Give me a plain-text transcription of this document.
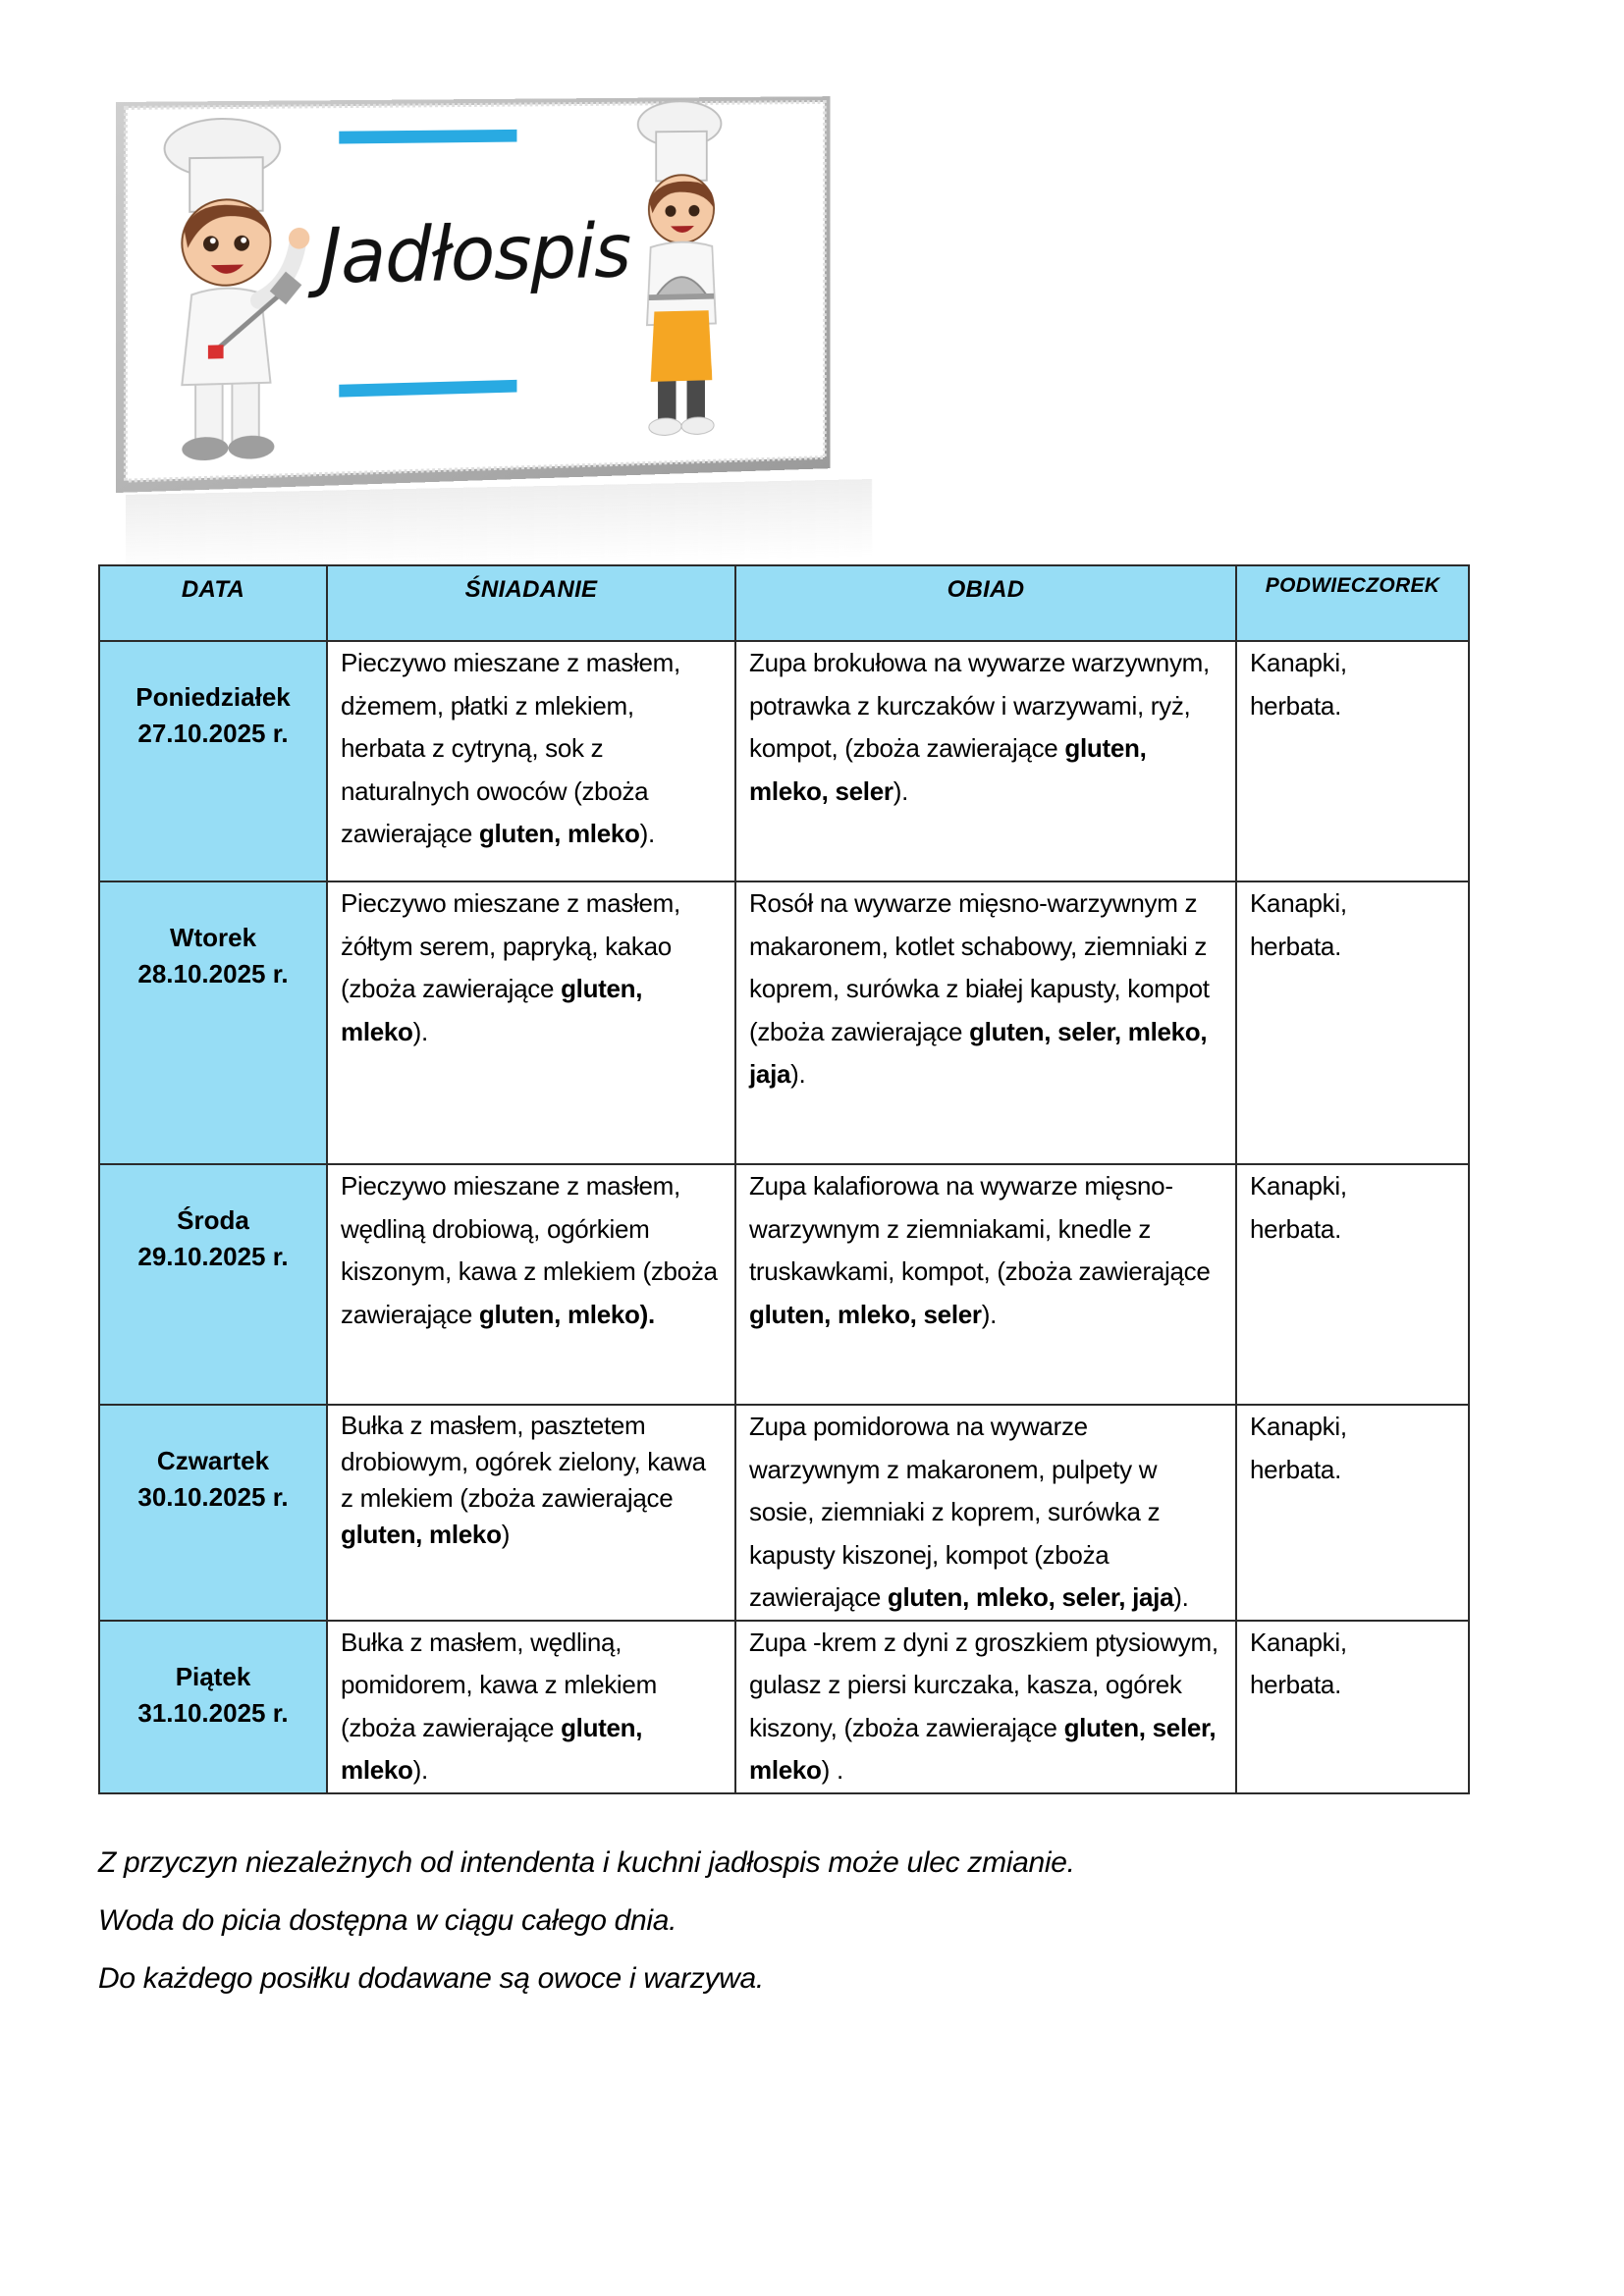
Jadłospis
DATA	ŚNIADANIE	OBIAD	PODWIECZOREK

Poniedziałek
27.10.2025 r.	Pieczywo mieszane z masłem, dżemem, płatki z mlekiem, herbata z cytryną, sok z naturalnych owoców (zboża zawierające gluten, mleko).	Zupa brokułowa na wywarze warzywnym, potrawka z kurczaków i warzywami, ryż, kompot, (zboża zawierające gluten, mleko, seler).	Kanapki, herbata.

Wtorek
28.10.2025 r.	Pieczywo mieszane z masłem, żółtym serem, papryką, kakao (zboża zawierające gluten, mleko).	Rosół na wywarze mięsno-warzywnym z makaronem, kotlet schabowy, ziemniaki z koprem, surówka z białej kapusty, kompot (zboża zawierające gluten, seler, mleko, jaja).	Kanapki, herbata.

Środa
29.10.2025 r.	Pieczywo mieszane z masłem, wędliną drobiową, ogórkiem kiszonym, kawa z mlekiem (zboża zawierające gluten, mleko).	Zupa kalafiorowa na wywarze mięsno-warzywnym z ziemniakami, knedle z truskawkami, kompot, (zboża zawierające gluten, mleko, seler).	Kanapki, herbata.

Czwartek
30.10.2025 r.	Bułka z masłem, pasztetem drobiowym, ogórek zielony, kawa z mlekiem (zboża zawierające gluten, mleko)	Zupa pomidorowa na wywarze warzywnym z makaronem, pulpety w sosie, ziemniaki z koprem, surówka z kapusty kiszonej, kompot (zboża zawierające gluten, mleko, seler, jaja).	Kanapki, herbata.

Piątek
31.10.2025 r.	Bułka z masłem, wędliną, pomidorem, kawa z mlekiem (zboża zawierające gluten, mleko).	Zupa -krem z dyni z groszkiem ptysiowym, gulasz z piersi kurczaka, kasza, ogórek kiszony, (zboża zawierające gluten, seler, mleko) .	Kanapki, herbata.

Z przyczyn niezależnych od intendenta i kuchni jadłospis może ulec zmianie.

Woda do picia dostępna w ciągu całego dnia.

Do każdego posiłku dodawane są owoce i warzywa.
